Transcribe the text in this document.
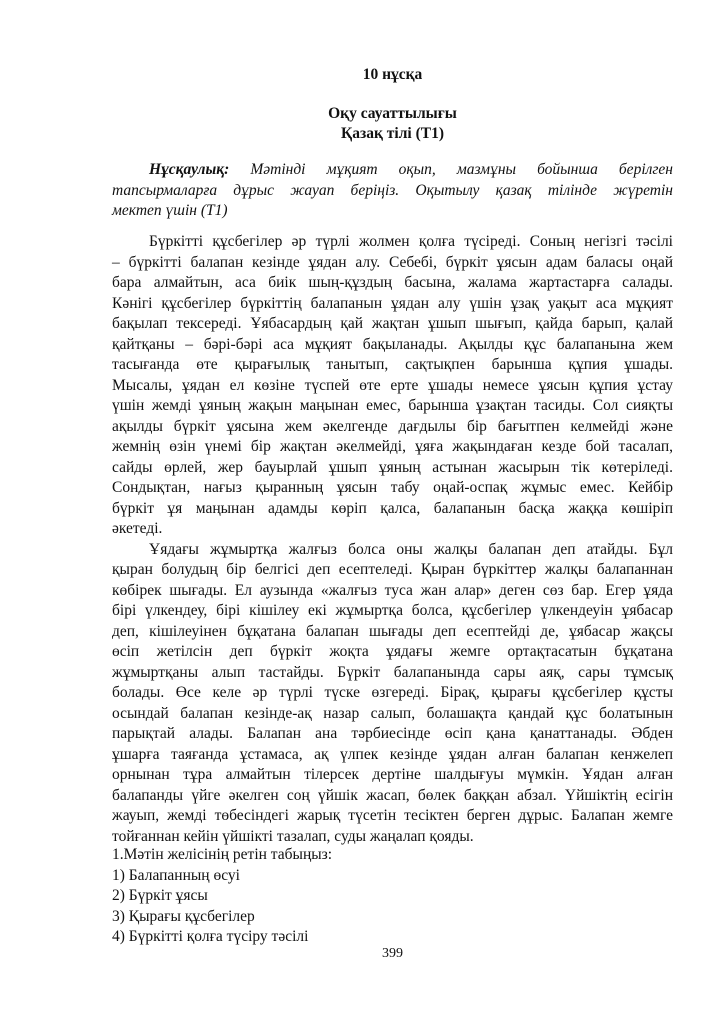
10 нұсқа
Оқу сауаттылығы
Қазақ тілі (Т1)
Нұсқаулық: Мәтінді мұқият оқып, мазмұны бойынша берілген
тапсырмаларға дұрыс жауап беріңіз. Оқытылу қазақ тілінде жүретін
мектеп үшін (Т1)
Бүркітті құсбегілер әр түрлі жолмен қолға түсіреді. Соның негізгі тәсілі
– бүркітті балапан кезінде ұядан алу. Себебі, бүркіт ұясын адам баласы оңай
бара алмайтын, аса биік шың-құздың басына, жалама жартастарға салады.
Кәнігі құсбегілер бүркіттің балапанын ұядан алу үшін ұзақ уақыт аса мұқият
бақылап тексереді. Ұябасардың қай жақтан ұшып шығып, қайда барып, қалай
қайтқаны – бәрі-бәрі аса мұқият бақыланады. Ақылды құс балапанына жем
тасығанда өте қырағылық танытып, сақтықпен барынша құпия ұшады.
Мысалы, ұядан ел көзіне түспей өте ерте ұшады немесе ұясын құпия ұстау
үшін жемді ұяның жақын маңынан емес, барынша ұзақтан тасиды. Сол сияқты
ақылды бүркіт ұясына жем әкелгенде дағдылы бір бағытпен келмейді және
жемнің өзін үнемі бір жақтан әкелмейді, ұяға жақындаған кезде бой тасалап,
сайды өрлей, жер бауырлай ұшып ұяның астынан жасырын тік көтеріледі.
Сондықтан, нағыз қыранның ұясын табу оңай-оспақ жұмыс емес. Кейбір
бүркіт ұя маңынан адамды көріп қалса, балапанын басқа жаққа көшіріп
әкетеді.
Ұядағы жұмыртқа жалғыз болса оны жалқы балапан деп атайды. Бұл
қыран болудың бір белгісі деп есептеледі. Қыран бүркіттер жалқы балапаннан
көбірек шығады. Ел аузында «жалғыз туса жан алар» деген сөз бар. Егер ұяда
бірі үлкендеу, бірі кішілеу екі жұмыртқа болса, құсбегілер үлкендеуін ұябасар
деп, кішілеуінен бұқатана балапан шығады деп есептейді де, ұябасар жақсы
өсіп жетілсін деп бүркіт жоқта ұядағы жемге ортақтасатын бұқатана
жұмыртқаны алып тастайды. Бүркіт балапанында сары аяқ, сары тұмсық
болады. Өсе келе әр түрлі түске өзгереді. Бірақ, қырағы құсбегілер құсты
осындай балапан кезінде-ақ назар салып, болашақта қандай құс болатынын
парықтай алады. Балапан ана тәрбиесінде өсіп қана қанаттанады. Әбден
ұшарға таяғанда ұстамаса, ақ үлпек кезінде ұядан алған балапан кенжелеп
орнынан тұра алмайтын тілерсек дертіне шалдығуы мүмкін. Ұядан алған
балапанды үйге әкелген соң үйшік жасап, бөлек баққан абзал. Үйшіктің есігін
жауып, жемді төбесіндегі жарық түсетін тесіктен берген дұрыс. Балапан жемге
тойғаннан кейін үйшікті тазалап, суды жаңалап қояды.
1.Мәтін желісінің ретін табыңыз:
1) Балапанның өсуі
2) Бүркіт ұясы
3) Қырағы құсбегілер
4) Бүркітті қолға түсіру тәсілі
399
